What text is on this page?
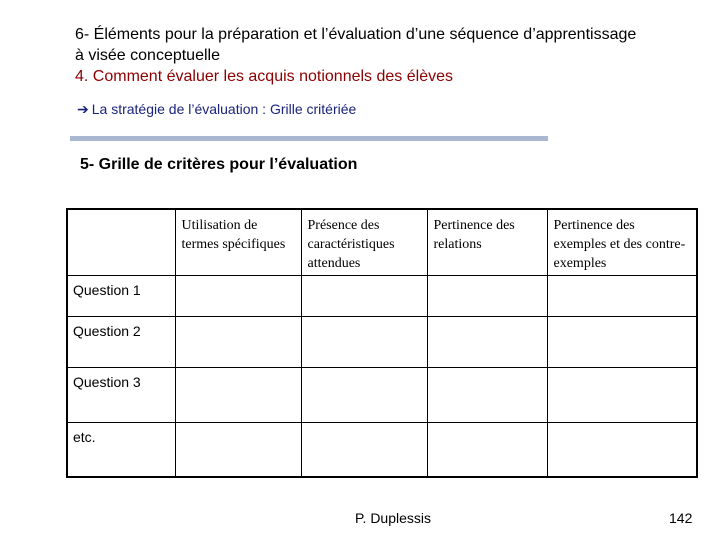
6- Éléments pour la préparation et l’évaluation d’une séquence d’apprentissage
à visée conceptuelle
4. Comment évaluer les acquis notionnels des élèves
➔ La stratégie de l’évaluation : Grille critériée
5- Grille de critères pour l’évaluation
	Utilisation de termes spécifiques	Présence des caractéristiques attendues	Pertinence des relations	Pertinence des exemples et des contre-exemples
Question 1				
Question 2				
Question 3				
etc.				
P. Duplessis	142
